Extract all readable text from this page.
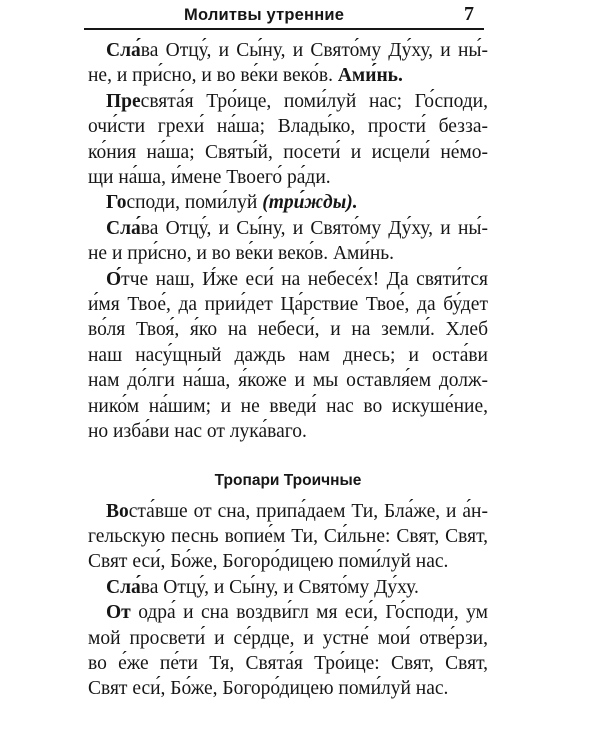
Молитвы утренние	7
Сла́ва Отцу́, и Сы́ну, и Свято́му Ду́ху, и ны́-
не, и при́сно, и во ве́ки веко́в. Ами́нь.
Пресвята́я Тро́ице, поми́луй нас; Го́споди,
очи́сти грехи́ на́ша; Влады́ко, прости́ безза-
ко́ния на́ша; Святы́й, посети́ и исцели́ не́мо-
щи на́ша, и́мене Твоего́ ра́ди.
Господи, поми́луй (три́жды).
Сла́ва Отцу́, и Сы́ну, и Свято́му Ду́ху, и ны́-
не и при́сно, и во ве́ки веко́в. Ами́нь.
О́тче наш, И́же еси́ на небесе́х! Да святи́тся
и́мя Твое́, да прии́дет Ца́рствие Твое́, да бу́дет
во́ля Твоя́, я́ко на небеси́, и на земли́. Хлеб
наш насу́щный даждь нам днесь; и оста́ви
нам до́лги на́ша, я́коже и мы оставля́ем долж-
нико́м на́шим; и не введи́ нас во искуше́ние,
но изба́ви нас от лука́ваго.
Тропари Троичные
Воста́вше от сна, припа́даем Ти, Бла́же, и а́н-
гельскую песнь вопие́м Ти, Си́льне: Свят, Свят,
Свят еси́, Бо́же, Богоро́дицею поми́луй нас.
Сла́ва Отцу́, и Сы́ну, и Свято́му Ду́ху.
От одра́ и сна воздви́гл мя еси́, Го́споди, ум
мой просвети́ и се́рдце, и устне́ мои́ отве́рзи,
во е́же пе́ти Тя, Свята́я Тро́ице: Свят, Свят,
Свят еси́, Бо́же, Богоро́дицею поми́луй нас.
